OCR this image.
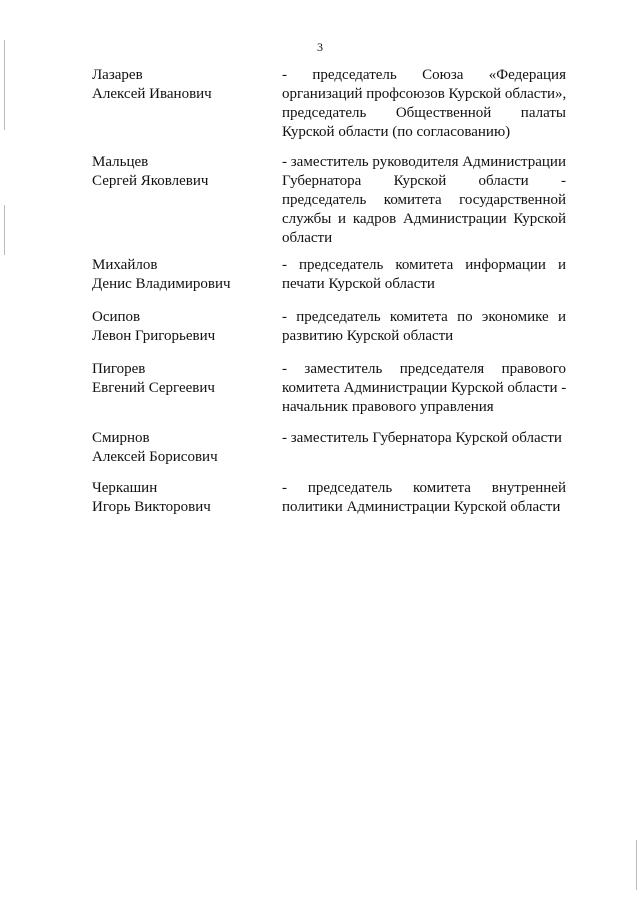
3
Лазарев
Алексей Иванович
- председатель Союза «Федерация
организаций профсоюзов Курской области»,
председатель Общественной палаты
Курской области (по согласованию)
Мальцев
Сергей Яковлевич
- заместитель руководителя Администрации
Губернатора Курской области -
председатель комитета государственной
службы и кадров Администрации Курской
области
Михайлов
Денис Владимирович
- председатель комитета информации и
печати Курской области
Осипов
Левон Григорьевич
- председатель комитета по экономике и
развитию Курской области
Пигорев
Евгений Сергеевич
- заместитель председателя правового
комитета Администрации Курской области -
начальник правового управления
Смирнов
Алексей Борисович
- заместитель Губернатора Курской области
Черкашин
Игорь Викторович
- председатель комитета внутренней
политики Администрации Курской области
